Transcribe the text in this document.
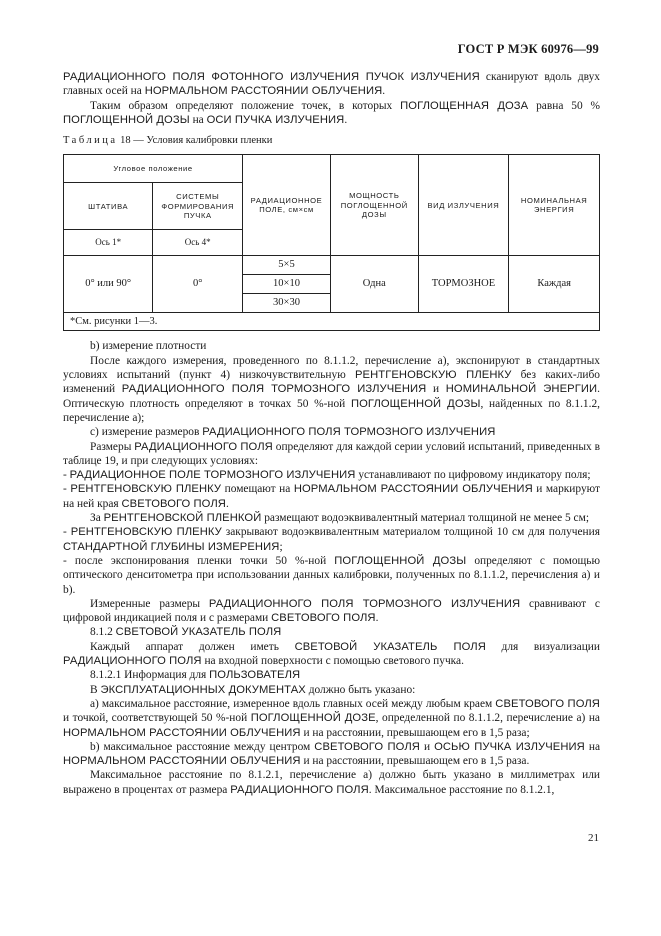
ГОСТ Р МЭК 60976—99

РАДИАЦИОННОГО ПОЛЯ ФОТОННОГО ИЗЛУЧЕНИЯ ПУЧОК ИЗЛУЧЕНИЯ сканируют вдоль двух главных осей на НОРМАЛЬНОМ РАССТОЯНИИ ОБЛУЧЕНИЯ.

Таким образом определяют положение точек, в которых ПОГЛОЩЕННАЯ ДОЗА равна 50 % ПОГЛОЩЕННОЙ ДОЗЫ на ОСИ ПУЧКА ИЗЛУЧЕНИЯ.

Таблица 18 — Условия калибровки пленки
Угловое положение		РАДИАЦИОННОЕ ПОЛЕ, см×см	МОЩНОСТЬ ПОГЛОЩЕННОЙ ДОЗЫ	ВИД ИЗЛУЧЕНИЯ	НОМИНАЛЬНАЯ ЭНЕРГИЯ
ШТАТИВА	СИСТЕМЫ ФОРМИРОВАНИЯ ПУЧКА				
Ось 1*	Ось 4*				
0° или 90°	0°	5×5	Одна	ТОРМОЗНОЕ	Каждая
		10×10			
		30×30			
*См. рисунки 1—3.					

b) измерение плотности

После каждого измерения, проведенного по 8.1.1.2, перечисление а), экспонируют в стандартных условиях испытаний (пункт 4) низкочувствительную РЕНТГЕНОВСКУЮ ПЛЕНКУ без каких-либо изменений РАДИАЦИОННОГО ПОЛЯ ТОРМОЗНОГО ИЗЛУЧЕНИЯ и НОМИНАЛЬНОЙ ЭНЕРГИИ. Оптическую плотность определяют в точках 50 %-ной ПОГЛОЩЕННОЙ ДОЗЫ, найденных по 8.1.1.2, перечисление а);

с) измерение размеров РАДИАЦИОННОГО ПОЛЯ ТОРМОЗНОГО ИЗЛУЧЕНИЯ

Размеры РАДИАЦИОННОГО ПОЛЯ определяют для каждой серии условий испытаний, приведенных в таблице 19, и при следующих условиях:

- РАДИАЦИОННОЕ ПОЛЕ ТОРМОЗНОГО ИЗЛУЧЕНИЯ устанавливают по цифровому индикатору поля;

- РЕНТГЕНОВСКУЮ ПЛЕНКУ помещают на НОРМАЛЬНОМ РАССТОЯНИИ ОБЛУЧЕНИЯ и маркируют на ней края СВЕТОВОГО ПОЛЯ.

За РЕНТГЕНОВСКОЙ ПЛЕНКОЙ размещают водоэквивалентный материал толщиной не менее 5 см;

- РЕНТГЕНОВСКУЮ ПЛЕНКУ закрывают водоэквивалентным материалом толщиной 10 см для получения СТАНДАРТНОЙ ГЛУБИНЫ ИЗМЕРЕНИЯ;

- после экспонирования пленки точки 50 %-ной ПОГЛОЩЕННОЙ ДОЗЫ определяют с помощью оптического денситометра при использовании данных калибровки, полученных по 8.1.1.2, перечисления а) и b).

Измеренные размеры РАДИАЦИОННОГО ПОЛЯ ТОРМОЗНОГО ИЗЛУЧЕНИЯ сравнивают с цифровой индикацией поля и с размерами СВЕТОВОГО ПОЛЯ.

8.1.2 СВЕТОВОЙ УКАЗАТЕЛЬ ПОЛЯ

Каждый аппарат должен иметь СВЕТОВОЙ УКАЗАТЕЛЬ ПОЛЯ для визуализации РАДИАЦИОННОГО ПОЛЯ на входной поверхности с помощью светового пучка.

8.1.2.1 Информация для ПОЛЬЗОВАТЕЛЯ

В ЭКСПЛУАТАЦИОННЫХ ДОКУМЕНТАХ должно быть указано:

а) максимальное расстояние, измеренное вдоль главных осей между любым краем СВЕТОВОГО ПОЛЯ и точкой, соответствующей 50 %-ной ПОГЛОЩЕННОЙ ДОЗЕ, определенной по 8.1.1.2, перечисление а) на НОРМАЛЬНОМ РАССТОЯНИИ ОБЛУЧЕНИЯ и на расстоянии, превышающем его в 1,5 раза;

b) максимальное расстояние между центром СВЕТОВОГО ПОЛЯ и ОСЬЮ ПУЧКА ИЗЛУЧЕНИЯ на НОРМАЛЬНОМ РАССТОЯНИИ ОБЛУЧЕНИЯ и на расстоянии, превышающем его в 1,5 раза.

Максимальное расстояние по 8.1.2.1, перечисление а) должно быть указано в миллиметрах или выражено в процентах от размера РАДИАЦИОННОГО ПОЛЯ. Максимальное расстояние по 8.1.2.1,

21
